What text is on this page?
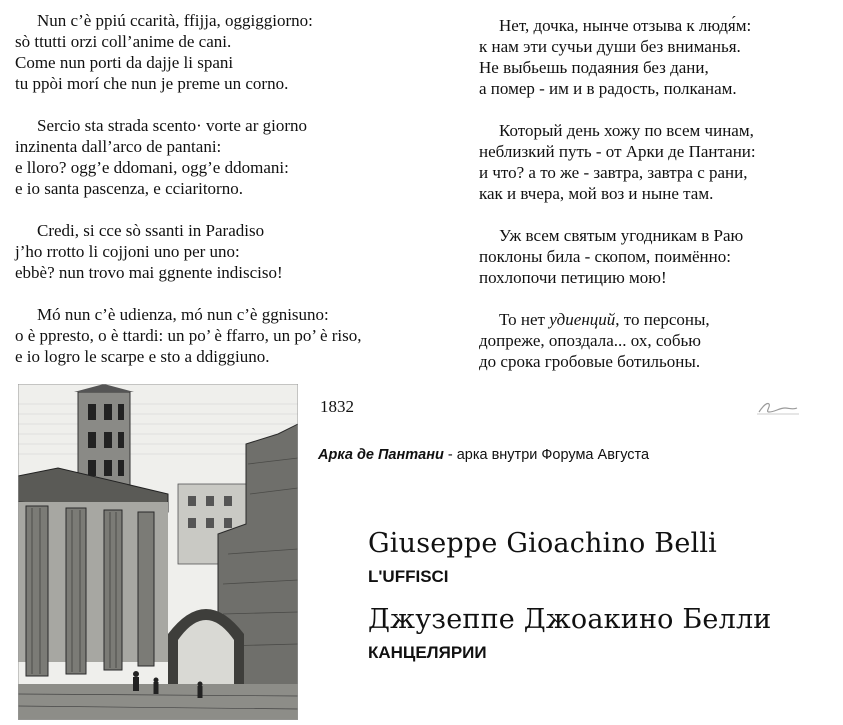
Nun c’è ppiú ccarità, ffijja, oggiggiorno:
sò ttutti orzi coll’anime de cani.
Come nun porti da dajje li spani
tu ppòi morí che nun je preme un corno.
Sercio sta strada scento· vorte ar giorno
inzinenta dall’arco de pantani:
e lloro? ogg’e ddomani, ogg’e ddomani:
e io santa pascenza, e cciaritorno.
Credi, si cce sò ssanti in Paradiso
j’ho rrotto li cojjoni uno per uno:
ebbè? nun trovo mai ggnente indisciso!
Mó nun c’è udienza, mó nun c’è ggnisuno:
o è ppresto, o è ttardi: un po’ è ffarro, un po’ è riso,
e io logro le scarpe e sto a ddiggiuno.
Нет, дочка, нынче отзыва к людя́м:
к нам эти сучьи души без вниманья.
Не выбьешь подаяния без дани,
а помер - им и в радость, полканам.
Который день хожу по всем чинам,
неблизкий путь - от Арки де Пантани:
и что? а то же - завтра, завтра с рани,
как и вчера, мой воз и ныне там.
Уж всем святым угодникам в Раю
поклоны била - скопом, поимённо:
похлопочи петицию мою!
То нет удиенций, то персоны,
допреже, опоздала... ох, собью
до срока гробовые ботильоны.
1832
Арка де Пантани - арка внутри Форума Августа
Giuseppe Gioachino Belli
L'UFFISCI
Джузеппе Джоакино Белли
КАНЦЕЛЯРИИ
